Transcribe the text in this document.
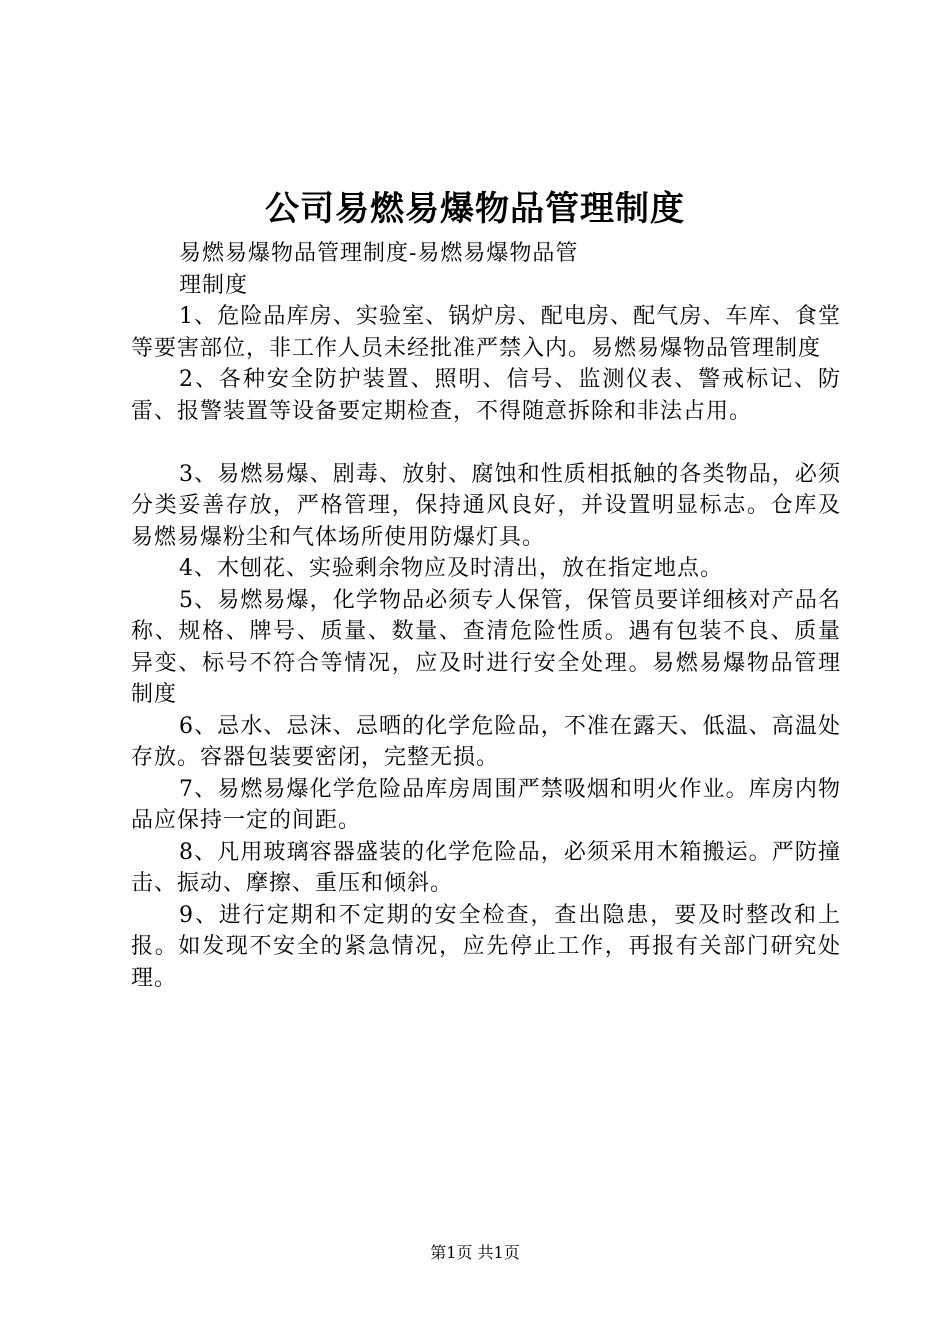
公司易燃易爆物品管理制度

易燃易爆物品管理制度-易燃易爆物品管理制度

1、危险品库房、实验室、锅炉房、配电房、配气房、车库、食堂等要害部位，非工作人员未经批准严禁入内。易燃易爆物品管理制度

2、各种安全防护装置、照明、信号、监测仪表、警戒标记、防雷、报警装置等设备要定期检查，不得随意拆除和非法占用。

3、易燃易爆、剧毒、放射、腐蚀和性质相抵触的各类物品，必须分类妥善存放，严格管理，保持通风良好，并设置明显标志。仓库及易燃易爆粉尘和气体场所使用防爆灯具。

4、木刨花、实验剩余物应及时清出，放在指定地点。

5、易燃易爆，化学物品必须专人保管，保管员要详细核对产品名称、规格、牌号、质量、数量、查清危险性质。遇有包装不良、质量异变、标号不符合等情况，应及时进行安全处理。易燃易爆物品管理制度

6、忌水、忌沫、忌晒的化学危险品，不准在露天、低温、高温处存放。容器包装要密闭，完整无损。

7、易燃易爆化学危险品库房周围严禁吸烟和明火作业。库房内物品应保持一定的间距。

8、凡用玻璃容器盛装的化学危险品，必须采用木箱搬运。严防撞击、振动、摩擦、重压和倾斜。

9、进行定期和不定期的安全检查，查出隐患，要及时整改和上报。如发现不安全的紧急情况，应先停止工作，再报有关部门研究处理。

第1页 共1页
